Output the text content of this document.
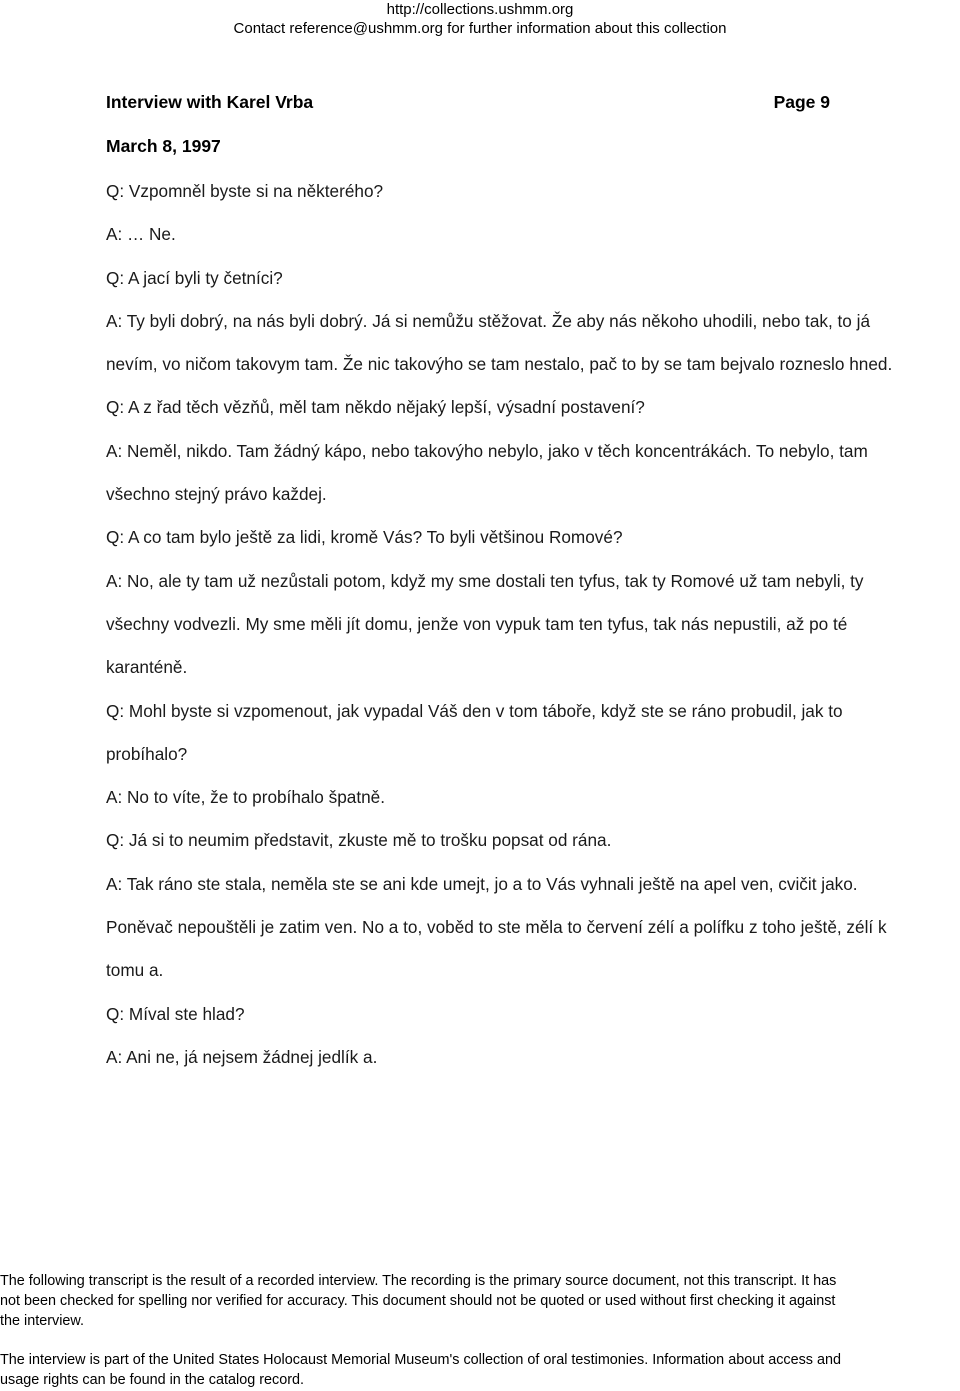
http://collections.ushmm.org
Contact reference@ushmm.org for further information about this collection
Interview with Karel Vrba	Page 9
March 8, 1997

Q: Vzpomněl byste si na některého?

A: … Ne.

Q: A jací byli ty četníci?

A: Ty byli dobrý, na nás byli dobrý. Já si nemůžu stěžovat. Že aby nás někoho uhodili, nebo tak, to já nevím, vo ničom takovym tam. Že nic takovýho se tam nestalo, pač to by se tam bejvalo rozneslo hned.

Q: A z řad těch vězňů, měl tam někdo nějaký lepší, výsadní postavení?

A: Neměl, nikdo. Tam žádný kápo, nebo takovýho nebylo, jako v těch koncentrákách. To nebylo, tam všechno stejný právo každej.

Q: A co tam bylo ještě za lidi, kromě Vás? To byli většinou Romové?

A: No, ale ty tam už nezůstali potom, když my sme dostali ten tyfus, tak ty Romové už tam nebyli, ty všechny vodvezli. My sme měli jít domu, jenže von vypuk tam ten tyfus, tak nás nepustili, až po té karanténě.

Q: Mohl byste si vzpomenout, jak vypadal Váš den v tom táboře, když ste se ráno probudil, jak to probíhalo?

A: No to víte, že to probíhalo špatně.

Q: Já si to neumim představit, zkuste mě to trošku popsat od rána.

A: Tak ráno ste stala, neměla ste se ani kde umejt, jo a to Vás vyhnali ještě na apel ven, cvičit jako. Poněvač nepouštěli je zatim ven. No a to, voběd to ste měla to červení zélí a polífku z toho ještě, zélí k tomu a.

Q: Míval ste hlad?

A: Ani ne, já nejsem žádnej jedlík a.

The following transcript is the result of a recorded interview. The recording is the primary source document, not this transcript. It has
not been checked for spelling nor verified for accuracy. This document should not be quoted or used without first checking it against
the interview.
The interview is part of the United States Holocaust Memorial Museum's collection of oral testimonies. Information about access and
usage rights can be found in the catalog record.
